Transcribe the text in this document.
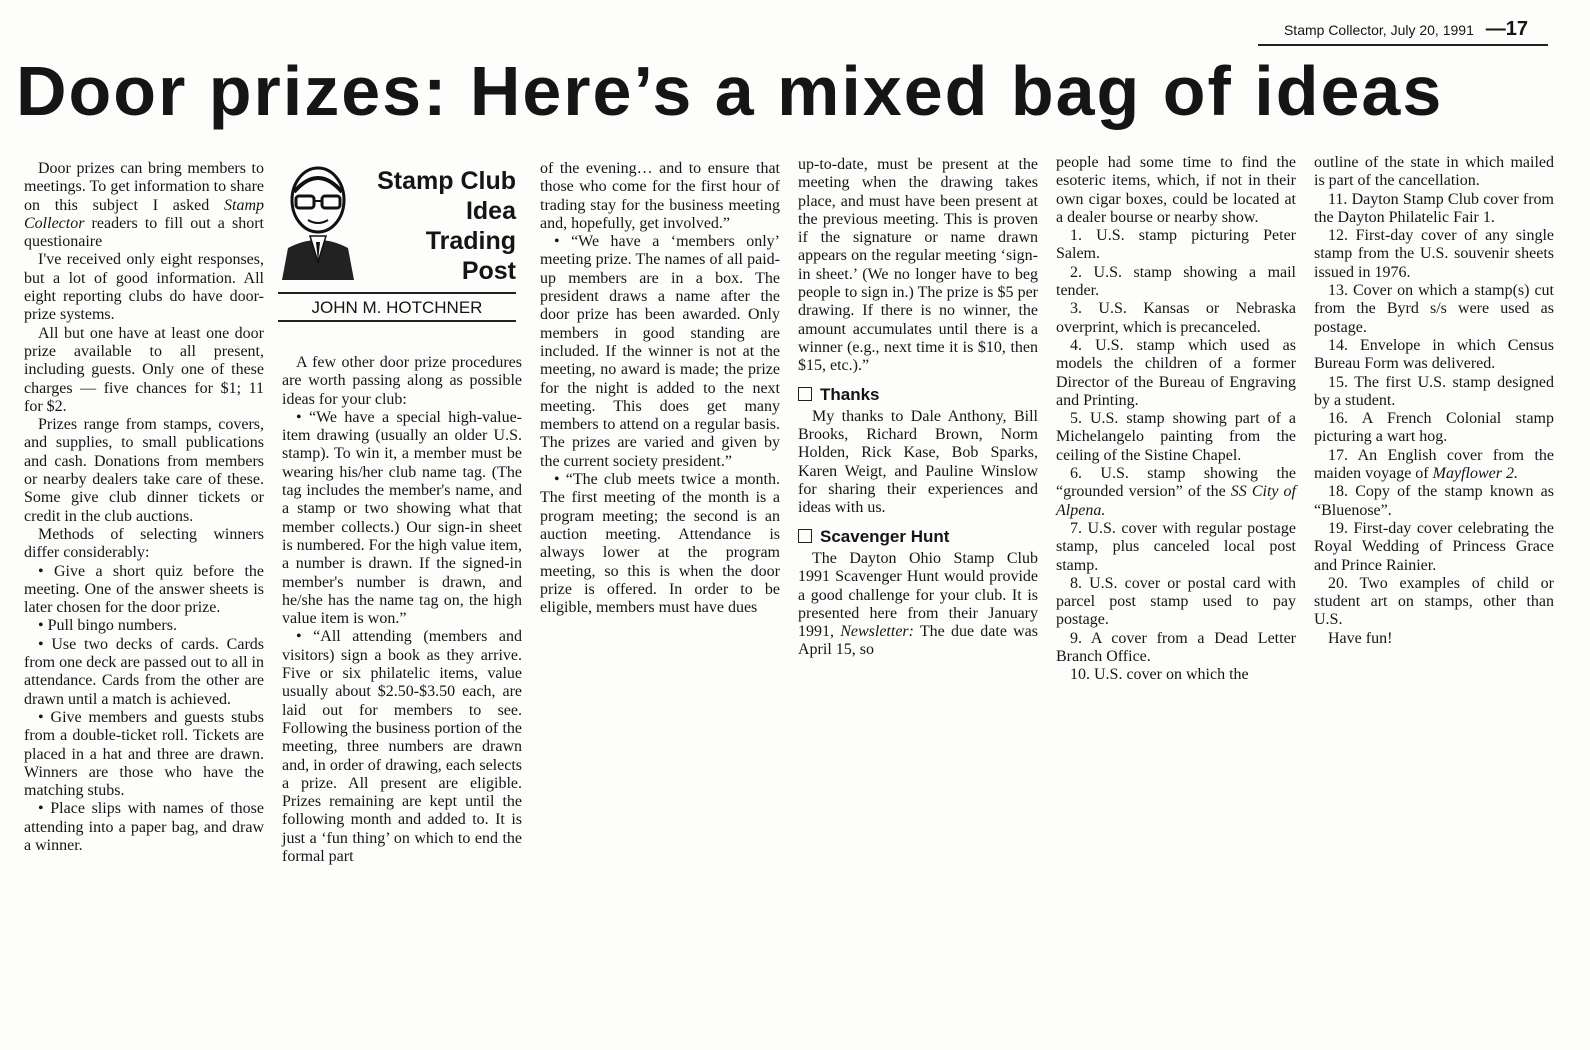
Stamp Collector, July 20, 1991 —17
Door prizes: Here’s a mixed bag of ideas

Door prizes can bring members to meetings. To get information to share on this subject I asked Stamp Collector readers to fill out a short questionaire

I've received only eight responses, but a lot of good information. All eight reporting clubs do have door-prize systems.

All but one have at least one door prize available to all present, including guests. Only one of these charges — five chances for $1; 11 for $2.

Prizes range from stamps, covers, and supplies, to small publications and cash. Donations from members or nearby dealers take care of these. Some give club dinner tickets or credit in the club auctions.

Methods of selecting winners differ considerably:

• Give a short quiz before the meeting. One of the answer sheets is later chosen for the door prize.

• Pull bingo numbers.

• Use two decks of cards. Cards from one deck are passed out to all in attendance. Cards from the other are drawn until a match is achieved.

• Give members and guests stubs from a double-ticket roll. Tickets are placed in a hat and three are drawn. Winners are those who have the matching stubs.

• Place slips with names of those attending into a paper bag, and draw a winner.

Stamp Club
Idea
Trading
Post
JOHN M. HOTCHNER

A few other door prize procedures are worth passing along as possible ideas for your club:

• “We have a special high-value-item drawing (usually an older U.S. stamp). To win it, a member must be wearing his/her club name tag. (The tag includes the member's name, and a stamp or two showing what that member collects.) Our sign-in sheet is numbered. For the high value item, a number is drawn. If the signed-in member's number is drawn, and he/she has the name tag on, the high value item is won.”

• “All attending (members and visitors) sign a book as they arrive. Five or six philatelic items, value usually about $2.50-$3.50 each, are laid out for members to see. Following the business portion of the meeting, three numbers are drawn and, in order of drawing, each selects a prize. All present are eligible. Prizes remaining are kept until the following month and added to. It is just a ‘fun thing’ on which to end the formal part

of the evening… and to ensure that those who come for the first hour of trading stay for the business meeting and, hopefully, get involved.”

• “We have a ‘members only’ meeting prize. The names of all paid-up members are in a box. The president draws a name after the door prize has been awarded. Only members in good standing are included. If the winner is not at the meeting, no award is made; the prize for the night is added to the next meeting. This does get many members to attend on a regular basis. The prizes are varied and given by the current society president.”

• “The club meets twice a month. The first meeting of the month is a program meeting; the second is an auction meeting. Attendance is always lower at the program meeting, so this is when the door prize is offered. In order to be eligible, members must have dues

up-to-date, must be present at the meeting when the drawing takes place, and must have been present at the previous meeting. This is proven if the signature or name drawn appears on the regular meeting ‘sign-in sheet.’ (We no longer have to beg people to sign in.) The prize is $5 per drawing. If there is no winner, the amount accumulates until there is a winner (e.g., next time it is $10, then $15, etc.).”

Thanks

My thanks to Dale Anthony, Bill Brooks, Richard Brown, Norm Holden, Rick Kase, Bob Sparks, Karen Weigt, and Pauline Winslow for sharing their experiences and ideas with us.

Scavenger Hunt

The Dayton Ohio Stamp Club 1991 Scavenger Hunt would provide a good challenge for your club. It is presented here from their January 1991, Newsletter: The due date was April 15, so

people had some time to find the esoteric items, which, if not in their own cigar boxes, could be located at a dealer bourse or nearby show.

1. U.S. stamp picturing Peter Salem.

2. U.S. stamp showing a mail tender.

3. U.S. Kansas or Nebraska overprint, which is precanceled.

4. U.S. stamp which used as models the children of a former Director of the Bureau of Engraving and Printing.

5. U.S. stamp showing part of a Michelangelo painting from the ceiling of the Sistine Chapel.

6. U.S. stamp showing the “grounded version” of the SS City of Alpena.

7. U.S. cover with regular postage stamp, plus canceled local post stamp.

8. U.S. cover or postal card with parcel post stamp used to pay postage.

9. A cover from a Dead Letter Branch Office.

10. U.S. cover on which the

outline of the state in which mailed is part of the cancellation.

11. Dayton Stamp Club cover from the Dayton Philatelic Fair 1.

12. First-day cover of any single stamp from the U.S. souvenir sheets issued in 1976.

13. Cover on which a stamp(s) cut from the Byrd s/s were used as postage.

14. Envelope in which Census Bureau Form was delivered.

15. The first U.S. stamp designed by a student.

16. A French Colonial stamp picturing a wart hog.

17. An English cover from the maiden voyage of Mayflower 2.

18. Copy of the stamp known as “Bluenose”.

19. First-day cover celebrating the Royal Wedding of Princess Grace and Prince Rainier.

20. Two examples of child or student art on stamps, other than U.S.

Have fun!
